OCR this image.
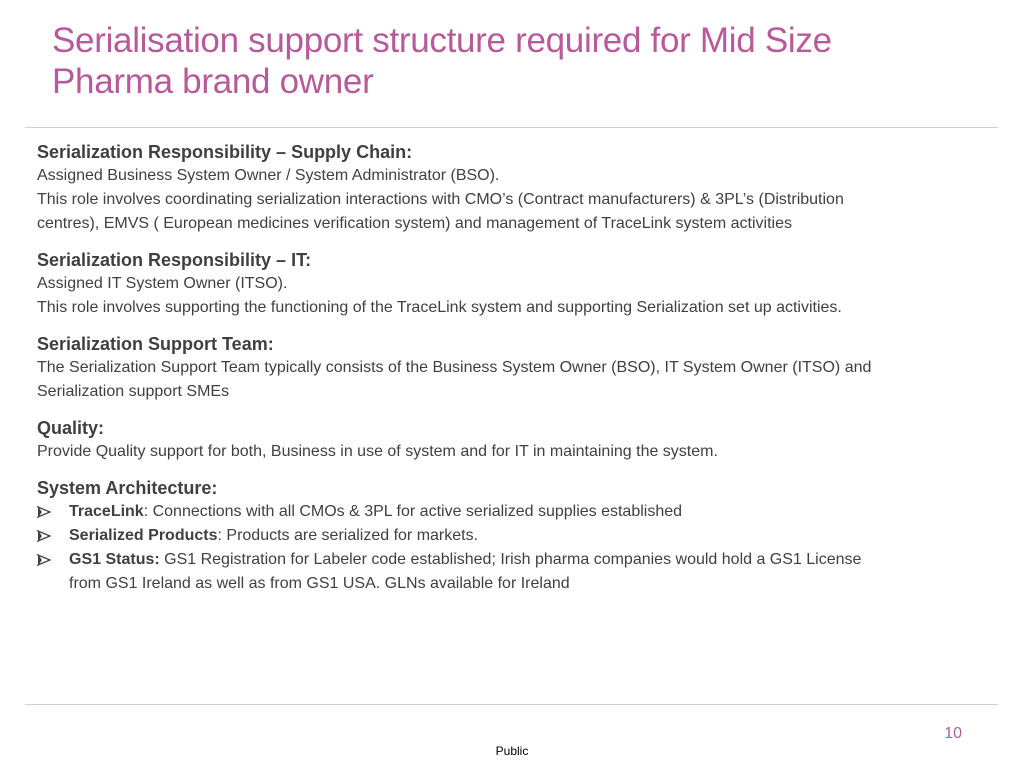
Serialisation support structure required for Mid Size
Pharma brand owner
Serialization Responsibility – Supply Chain:
Assigned Business System Owner / System Administrator (BSO).
This role involves coordinating serialization interactions with CMO’s (Contract manufacturers) & 3PL’s (Distribution
centres), EMVS ( European medicines verification system) and management of TraceLink system activities
Serialization Responsibility – IT:
Assigned IT System Owner (ITSO).
This role involves supporting the functioning of the TraceLink system and supporting Serialization set up activities.
Serialization Support Team:
The Serialization Support Team typically consists of the Business System Owner (BSO), IT System Owner (ITSO) and
Serialization support SMEs
Quality:
Provide Quality support for both, Business in use of system and for IT in maintaining the system.
System Architecture:
TraceLink: Connections with all CMOs & 3PL for active serialized supplies established
Serialized Products: Products are serialized for markets.
GS1 Status: GS1 Registration for Labeler code established; Irish pharma companies would hold a GS1 License
from GS1 Ireland as well as from GS1 USA. GLNs available for Ireland
10
Public
